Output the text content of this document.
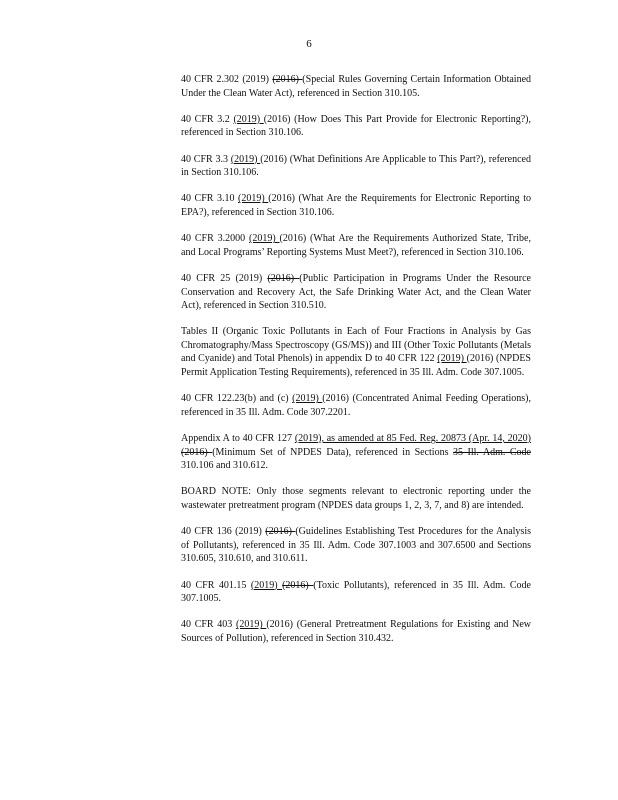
6

40 CFR 2.302 (2019) (2016) (Special Rules Governing Certain Information Obtained Under the Clean Water Act), referenced in Section 310.105.

40 CFR 3.2 (2019) (2016) (How Does This Part Provide for Electronic Reporting?), referenced in Section 310.106.

40 CFR 3.3 (2019) (2016) (What Definitions Are Applicable to This Part?), referenced in Section 310.106.

40 CFR 3.10 (2019) (2016) (What Are the Requirements for Electronic Reporting to EPA?), referenced in Section 310.106.

40 CFR 3.2000 (2019) (2016) (What Are the Requirements Authorized State, Tribe, and Local Programs’ Reporting Systems Must Meet?), referenced in Section 310.106.

40 CFR 25 (2019) (2016) (Public Participation in Programs Under the Resource Conservation and Recovery Act, the Safe Drinking Water Act, and the Clean Water Act), referenced in Section 310.510.

Tables II (Organic Toxic Pollutants in Each of Four Fractions in Analysis by Gas Chromatography/Mass Spectroscopy (GS/MS)) and III (Other Toxic Pollutants (Metals and Cyanide) and Total Phenols) in appendix D to 40 CFR 122 (2019) (2016) (NPDES Permit Application Testing Requirements), referenced in 35 Ill. Adm. Code 307.1005.

40 CFR 122.23(b) and (c) (2019) (2016) (Concentrated Animal Feeding Operations), referenced in 35 Ill. Adm. Code 307.2201.

Appendix A to 40 CFR 127 (2019), as amended at 85 Fed. Reg. 20873 (Apr. 14, 2020) (2016) (Minimum Set of NPDES Data), referenced in Sections 35 Ill. Adm. Code 310.106 and 310.612.

BOARD NOTE: Only those segments relevant to electronic reporting under the wastewater pretreatment program (NPDES data groups 1, 2, 3, 7, and 8) are intended.

40 CFR 136 (2019) (2016) (Guidelines Establishing Test Procedures for the Analysis of Pollutants), referenced in 35 Ill. Adm. Code 307.1003 and 307.6500 and Sections 310.605, 310.610, and 310.611.

40 CFR 401.15 (2019) (2016) (Toxic Pollutants), referenced in 35 Ill. Adm. Code 307.1005.

40 CFR 403 (2019) (2016) (General Pretreatment Regulations for Existing and New Sources of Pollution), referenced in Section 310.432.
